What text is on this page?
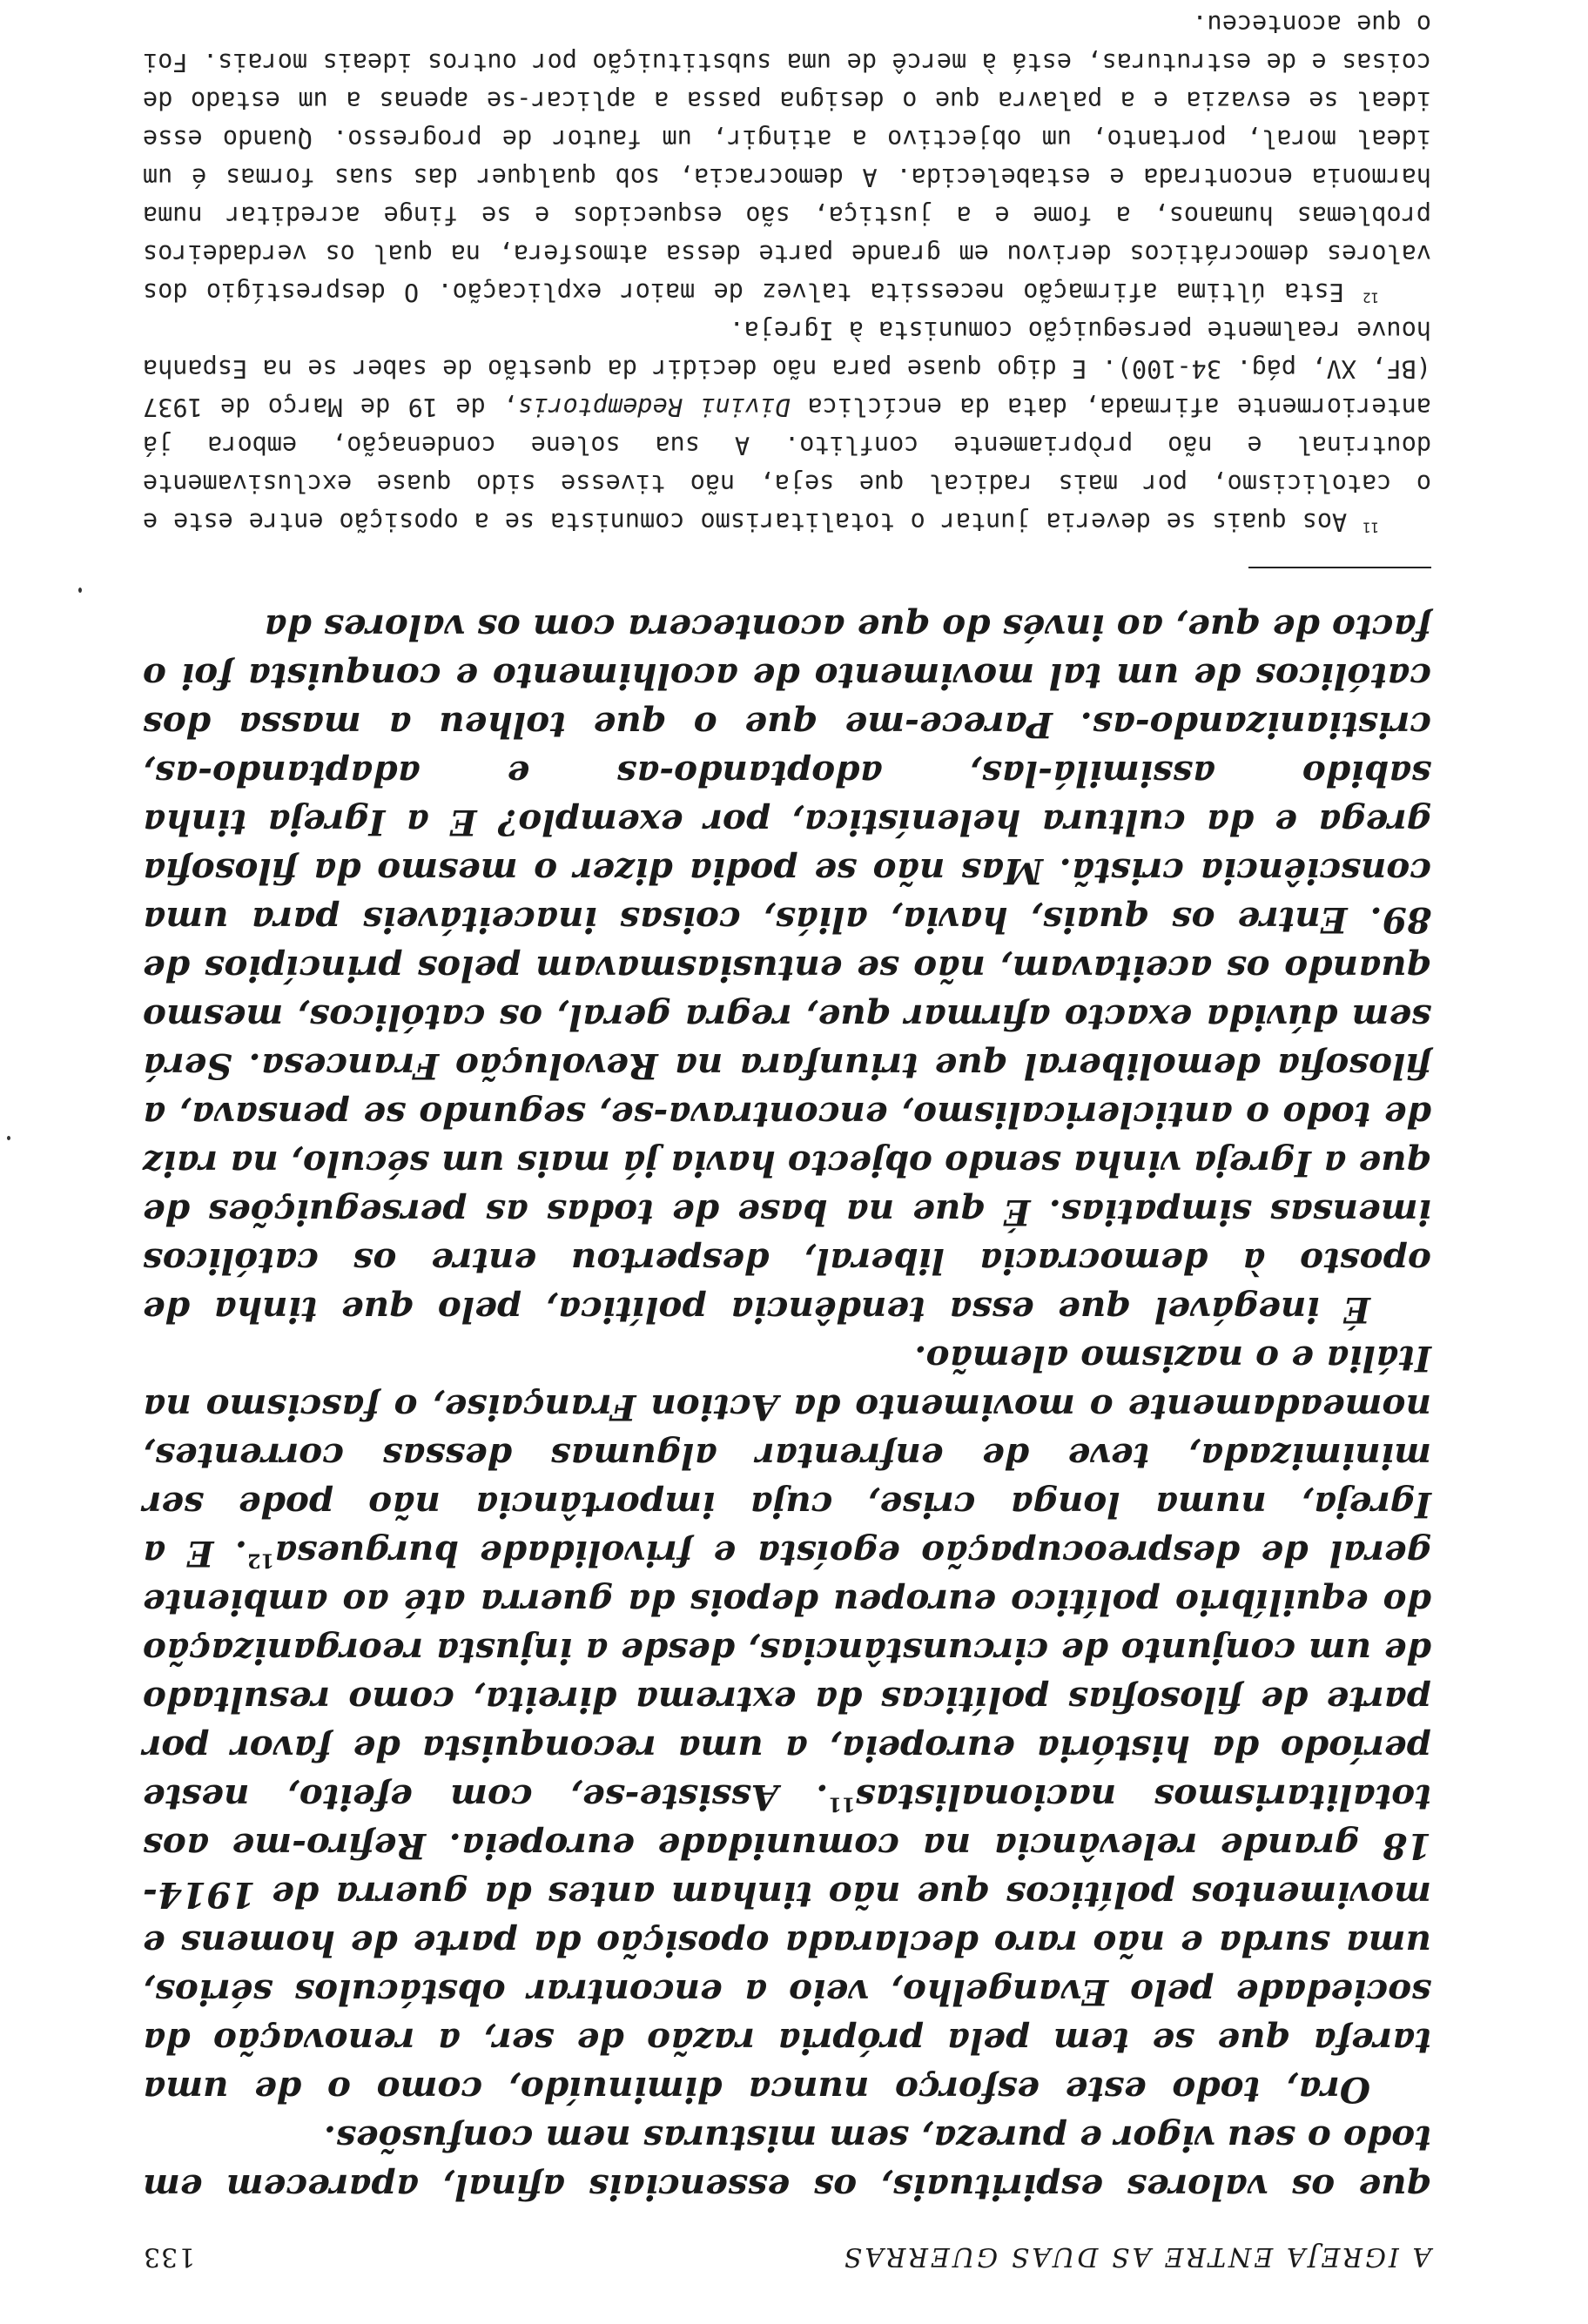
A IGREJA ENTRE AS DUAS GUERRAS
133

que os valores espirituais, os essenciais afinal, aparecem em todo o seu vigor e pureza, sem misturas nem confusões.

Ora, todo este esforço nunca diminuído, como o de uma tarefa que se tem pela própria razão de ser, a renovação da sociedade pelo Evangelho, veio a encontrar obstáculos sérios, uma surda e não raro declarada oposição da parte de homens e movimentos políticos que não tinham antes da guerra de 1914-18 grande relevância na comunidade europeia. Refiro-me aos totalitarismos nacionalistas$^{11}$. Assiste-se, com efeito, neste período da história europeia, a uma reconquista de favor por parte de filosofias políticas da extrema direita, como resultado de um conjunto de circunstâncias, desde a injusta reorganização do equilíbrio político europeu depois da guerra até ao ambiente geral de despreocupação egoísta e frivolidade burguesa$^{12}$. E a Igreja, numa longa crise, cuja importância não pode ser minimizada, teve de enfrentar algumas dessas correntes, nomeadamente o movimento da Action Française, o fascismo na Itália e o nazismo alemão.

É inegável que essa tendência política, pelo que tinha de oposto à democracia liberal, despertou entre os católicos imensas simpatias. É que na base de todas as perseguições de que a Igreja vinha sendo objecto havia já mais um século, na raiz de todo o anticlericalismo, encontrava-se, segundo se pensava, a filosofia demoliberal que triunfara na Revolução Francesa. Será sem dúvida exacto afirmar que, regra geral, os católicos, mesmo quando os aceitavam, não se entusiasmavam pelos princípios de 89. Entre os quais, havia, aliás, coisas inaceitáveis para uma consciência cristã. Mas não se podia dizer o mesmo da filosofia grega e da cultura helenística, por exemplo? E a Igreja tinha sabido assimilá-las, adoptando-as e adaptando-as, cristianizando-as. Parece-me que o que tolheu a massa dos católicos de um tal movimento de acolhimento e conquista foi o facto de que, ao invés do que acontecera com os valores da

$^{11}$ Aos quais se deveria juntar o totalitarismo comunista se a oposição entre este e o catolicismo, por mais radical que seja, não tivesse sido quase exclusivamente doutrinal e não pròpriamente conflito. A sua solene condenação, embora já anteriormente afirmada, data da encíclica Divini Redemptoris, de 19 de Março de 1937 (BF, XV, pág. 34-100). E digo quase para não decidir da questão de saber se na Espanha houve realmente perseguição comunista à Igreja.

$^{12}$ Esta última afirmação necessita talvez de maior explicação. O desprestígio dos valores democráticos derivou em grande parte dessa atmosfera, na qual os verdadeiros problemas humanos, a fome e a justiça, são esquecidos e se finge acreditar numa harmonia encontrada e estabelecida. A democracia, sob qualquer das suas formas é um ideal moral, portanto, um objectivo a atingir, um fautor de progresso. Quando esse ideal se esvazia e a palavra que o designa passa a aplicar-se apenas a um estado de coisas e de estruturas, está à mercê de uma substituição por outros ideais morais. Foi o que aconteceu.
